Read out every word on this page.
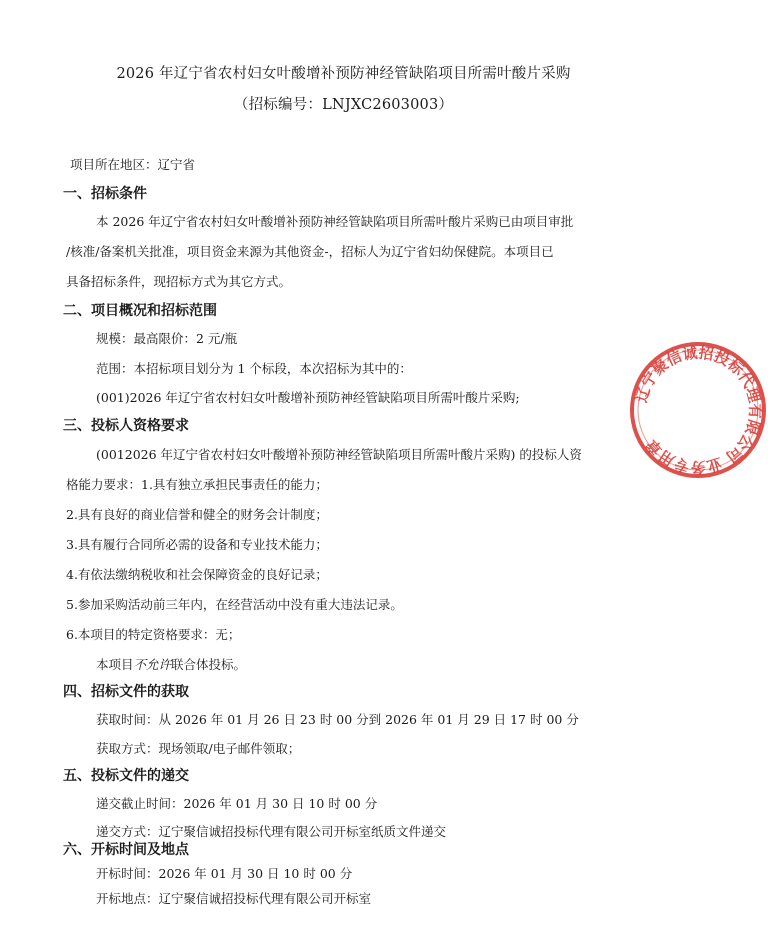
2026 年辽宁省农村妇女叶酸增补预防神经管缺陷项目所需叶酸片采购
（招标编号：LNJXC2603003）
项目所在地区：辽宁省
一、招标条件
本 2026 年辽宁省农村妇女叶酸增补预防神经管缺陷项目所需叶酸片采购已由项目审批
/核准/备案机关批准，项目资金来源为其他资金-，招标人为辽宁省妇幼保健院。本项目已
具备招标条件，现招标方式为其它方式。
二、项目概况和招标范围
规模：最高限价：2 元/瓶
范围：本招标项目划分为 1 个标段，本次招标为其中的：
(001)2026 年辽宁省农村妇女叶酸增补预防神经管缺陷项目所需叶酸片采购;
三、投标人资格要求
(0012026 年辽宁省农村妇女叶酸增补预防神经管缺陷项目所需叶酸片采购) 的投标人资
格能力要求：1.具有独立承担民事责任的能力；
2.具有良好的商业信誉和健全的财务会计制度；
3.具有履行合同所必需的设备和专业技术能力；
4.有依法缴纳税收和社会保障资金的良好记录；
5.参加采购活动前三年内，在经营活动中没有重大违法记录。
6.本项目的特定资格要求：无；
本项目不允许联合体投标。
四、招标文件的获取
获取时间：从 2026 年 01 月 26 日 23 时 00 分到 2026 年 01 月 29 日 17 时 00 分
获取方式：现场领取/电子邮件领取；
五、投标文件的递交
递交截止时间：2026 年 01 月 30 日 10 时 00 分
递交方式：辽宁聚信诚招投标代理有限公司开标室纸质文件递交
六、开标时间及地点
开标时间：2026 年 01 月 30 日 10 时 00 分
开标地点：辽宁聚信诚招投标代理有限公司开标室
辽宁聚信诚招投标代理有限公司 业务专用章
